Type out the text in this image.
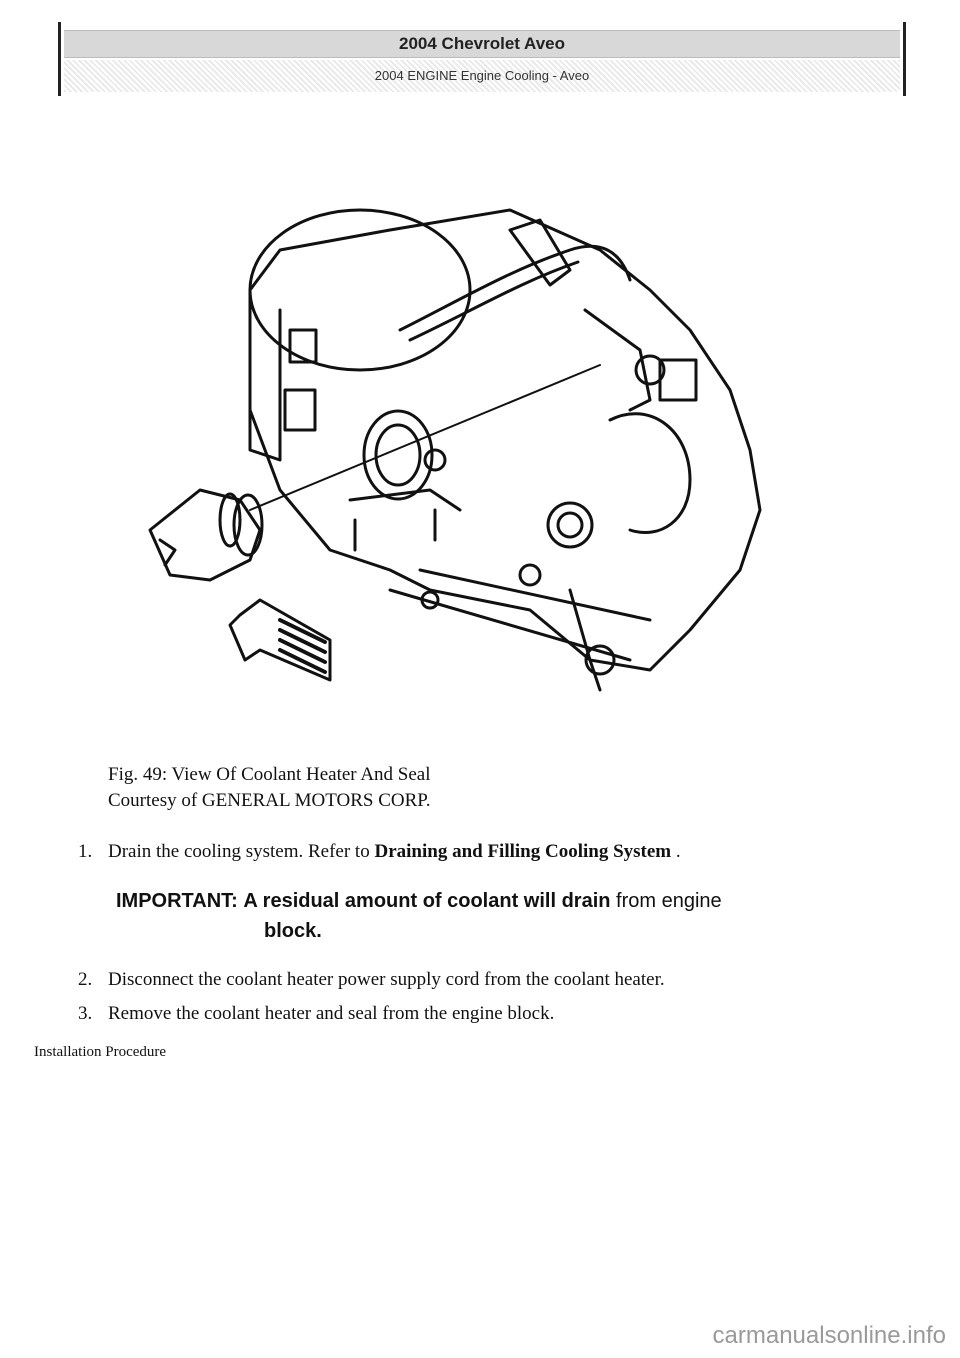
2004 Chevrolet Aveo
2004 ENGINE Engine Cooling - Aveo
Fig. 49: View Of Coolant Heater And Seal
Courtesy of GENERAL MOTORS CORP.
1. Drain the cooling system. Refer to Draining and Filling Cooling System .
IMPORTANT: A residual amount of coolant will drain from engine
block.
2. Disconnect the coolant heater power supply cord from the coolant heater.
3. Remove the coolant heater and seal from the engine block.
Installation Procedure
carmanualsonline.info
